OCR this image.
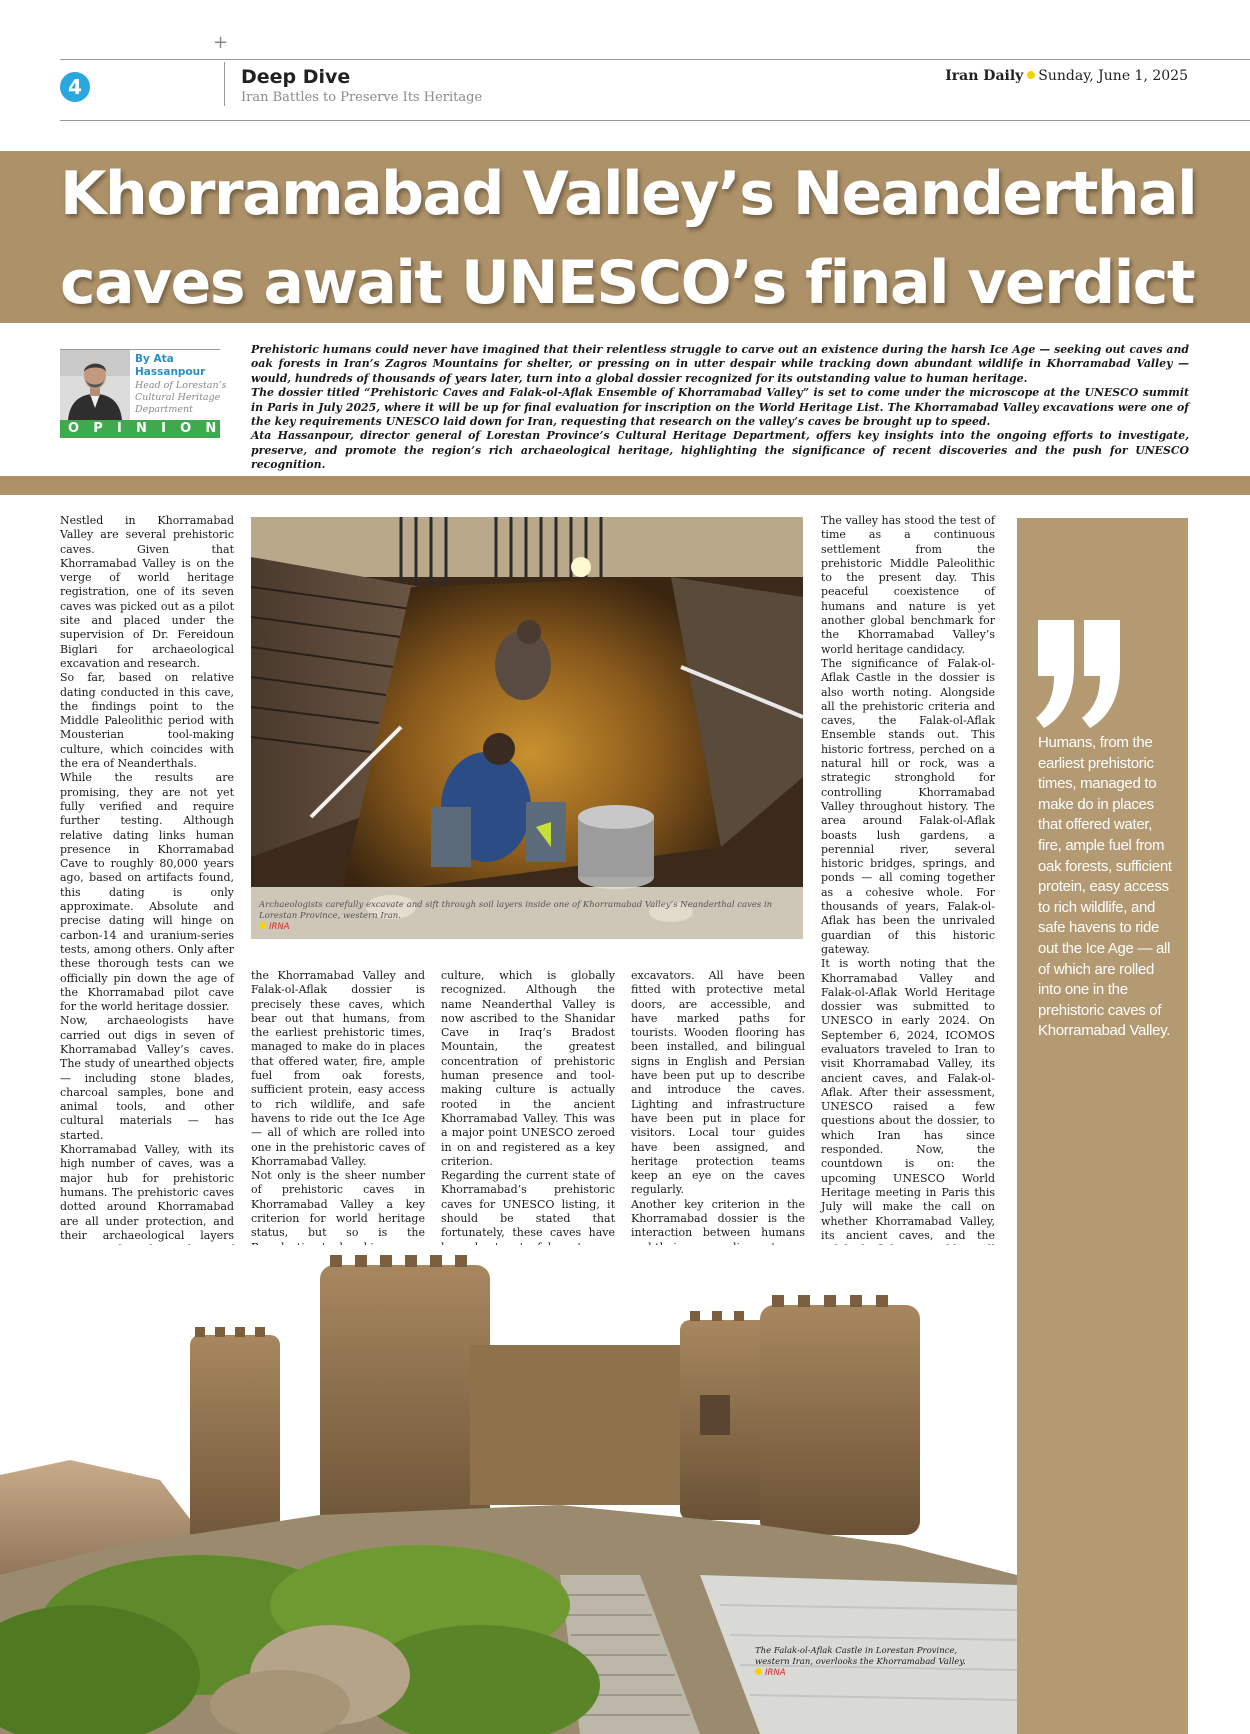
+
4	Deep Dive
Iran Battles to Preserve Its Heritage
Iran Daily Sunday, June 1, 2025
Khorramabad Valley’s Neanderthal
caves await UNESCO’s final verdict
By Ata Hassanpour
Head of Lorestan’s Cultural Heritage Department
OPINION

Prehistoric humans could never have imagined that their relentless struggle to carve out an existence during the harsh Ice Age — seeking out caves and oak forests in Iran’s Zagros Mountains for shelter, or pressing on in utter despair while tracking down abundant wildlife in Khorramabad Valley — would, hundreds of thousands of years later, turn into a global dossier recognized for its outstanding value to human heritage.

The dossier titled “Prehistoric Caves and Falak-ol-Aflak Ensemble of Khorramabad Valley” is set to come under the microscope at the UNESCO summit in Paris in July 2025, where it will be up for final evaluation for inscription on the World Heritage List. The Khorramabad Valley excavations were one of the key requirements UNESCO laid down for Iran, requesting that research on the valley’s caves be brought up to speed.

Ata Hassanpour, director general of Lorestan Province’s Cultural Heritage Department, offers key insights into the ongoing efforts to investigate, preserve, and promote the region’s rich archaeological heritage, highlighting the significance of recent discoveries and the push for UNESCO recognition.

Nestled in Khorramabad Valley are several prehistoric caves. Given that Khorramabad Valley is on the verge of world heritage registration, one of its seven caves was picked out as a pilot site and placed under the supervision of Dr. Fereidoun Biglari for archaeological excavation and research.

So far, based on relative dating conducted in this cave, the findings point to the Middle Paleolithic period with Mousterian tool-making culture, which coincides with the era of Neanderthals.

While the results are promising, they are not yet fully verified and require further testing. Although relative dating links human presence in Khorramabad Cave to roughly 80,000 years ago, based on artifacts found, this dating is only approximate. Absolute and precise dating will hinge on carbon-14 and uranium-series tests, among others. Only after these thorough tests can we officially pin down the age of the Khorramabad pilot cave for the world heritage dossier.

Now, archaeologists have carried out digs in seven of Khorramabad Valley’s caves. The study of unearthed objects — including stone blades, charcoal samples, bone and animal tools, and other cultural materials — has started.

Khorramabad Valley, with its high number of caves, was a major hub for prehistoric humans. The prehistoric caves dotted around Khorramabad are all under protection, and their archaeological layers

Archaeologists carefully excavate and sift through soil layers inside one of Khorramabad Valley’s Neanderthal caves in Lorestan Province, western Iran.
IRNA

the Khorramabad Valley and Falak-ol-Aflak dossier is precisely these caves, which bear out that humans, from the earliest prehistoric times, managed to make do in places that offered water, fire, ample fuel from oak forests, sufficient protein, easy access to rich wildlife, and safe havens to ride out the Ice Age — all of which are rolled into one in the prehistoric caves of Khorramabad Valley.

Not only is the sheer number of prehistoric caves in Khorramabad Valley a key criterion for world heritage status, but so is the

culture, which is globally recognized. Although the name Neanderthal Valley is now ascribed to the Shanidar Cave in Iraq’s Bradost Mountain, the greatest concentration of prehistoric human presence and tool-making culture is actually rooted in the ancient Khorramabad Valley. This was a major point UNESCO zeroed in on and registered as a key criterion.

Regarding the current state of Khorramabad’s prehistoric caves for UNESCO listing, it should be stated that fortunately, these caves have

excavators. All have been fitted with protective metal doors, are accessible, and have marked paths for tourists. Wooden flooring has been installed, and bilingual signs in English and Persian have been put up to describe and introduce the caves. Lighting and infrastructure have been put in place for visitors. Local tour guides have been assigned, and heritage protection teams keep an eye on the caves regularly.

Another key criterion in the Khorramabad dossier is the interaction between humans

The valley has stood the test of time as a continuous settlement from the prehistoric Middle Paleolithic to the present day. This peaceful coexistence of humans and nature is yet another global benchmark for the Khorramabad Valley’s world heritage candidacy.

The significance of Falak-ol-Aflak Castle in the dossier is also worth noting. Alongside all the prehistoric criteria and caves, the Falak-ol-Aflak Ensemble stands out. This historic fortress, perched on a natural hill or rock, was a strategic stronghold for controlling Khorramabad Valley throughout history. The area around Falak-ol-Aflak boasts lush gardens, a perennial river, several historic bridges, springs, and ponds — all coming together as a cohesive whole. For thousands of years, Falak-ol-Aflak has been the unrivaled guardian of this historic gateway.

It is worth noting that the Khorramabad Valley and Falak-ol-Aflak World Heritage dossier was submitted to UNESCO in early 2024. On September 6, 2024, ICOMOS evaluators traveled to Iran to visit Khorramabad Valley, its ancient caves, and Falak-ol-Aflak. After their assessment, UNESCO raised a few questions about the dossier, to which Iran has since responded. Now, the countdown is on: the upcoming UNESCO World Heritage meeting in Paris this July will make the call on whether Khorramabad Valley, its ancient caves, and the

Humans, from the earliest prehistoric times, managed to make do in places that offered water, fire, ample fuel from oak forests, sufficient protein, easy access to rich wildlife, and safe havens to ride out the Ice Age — all of which are rolled into one in the prehistoric caves of Khorramabad Valley.
The Falak-ol-Aflak Castle in Lorestan Province, western Iran, overlooks the Khorramabad Valley.
IRNA
